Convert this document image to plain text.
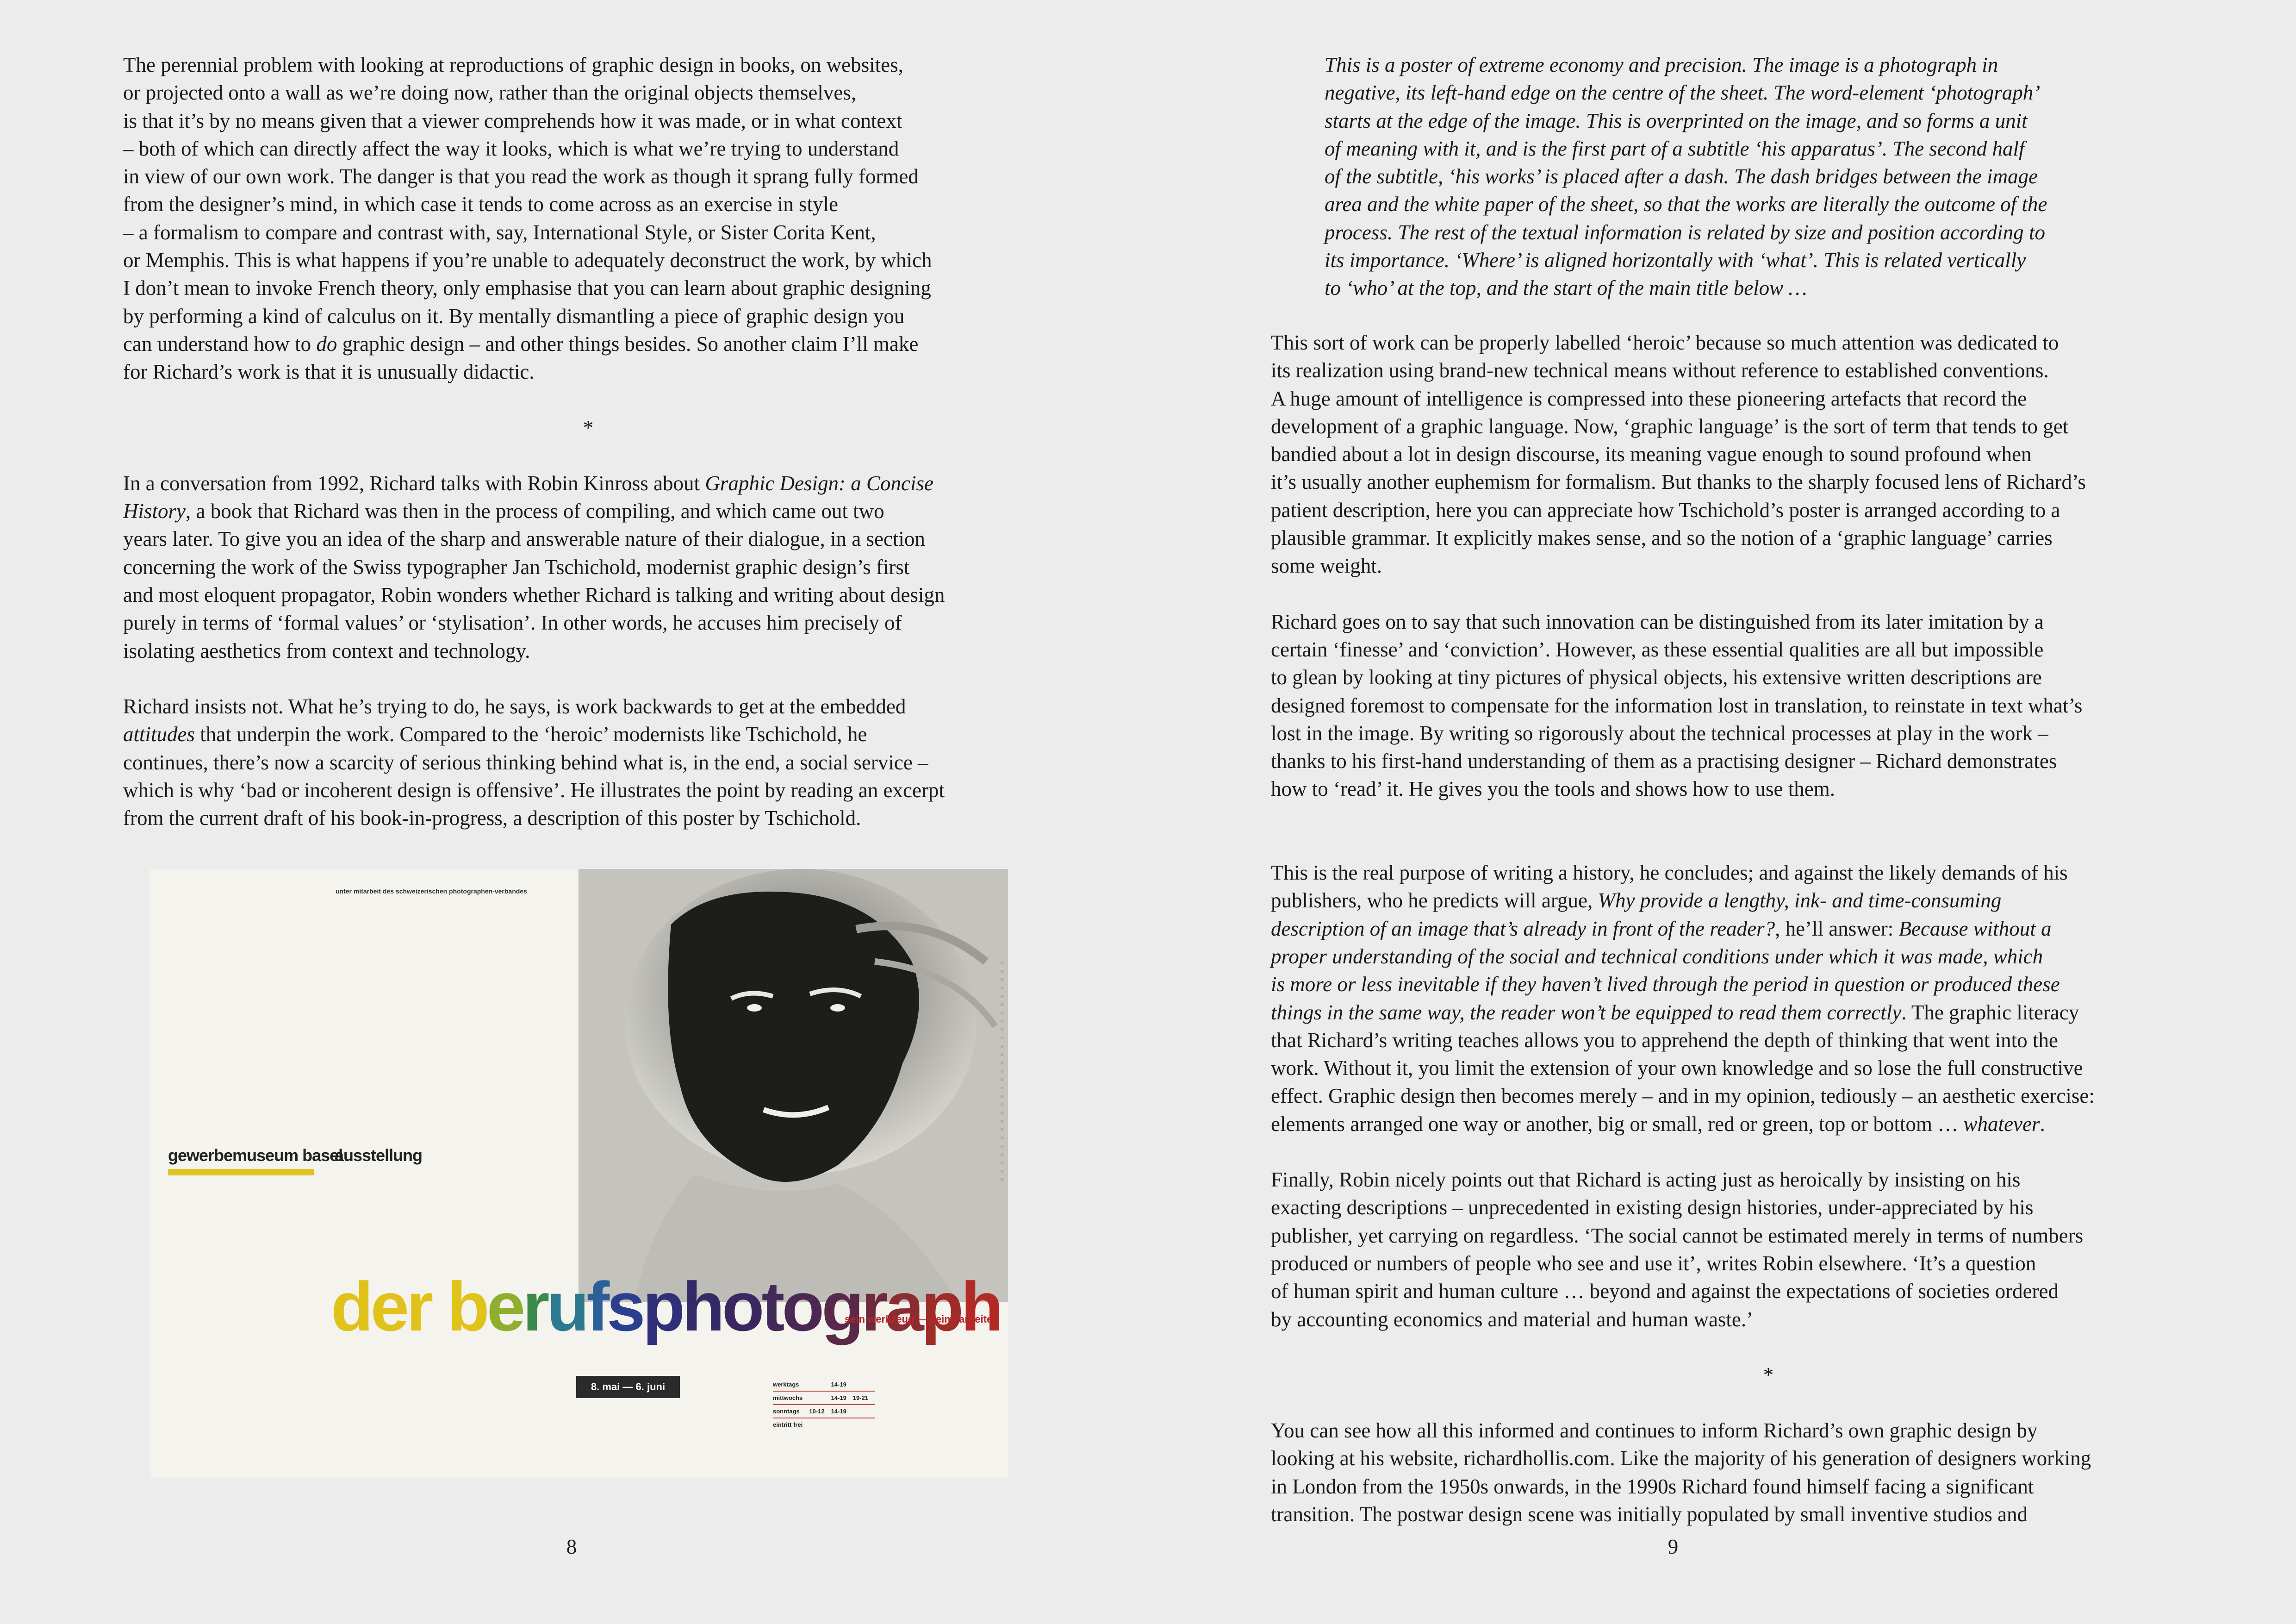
The perennial problem with looking at reproductions of graphic design in books, on websites,
or projected onto a wall as we’re doing now, rather than the original objects themselves,
is that it’s by no means given that a viewer comprehends how it was made, or in what context
– both of which can directly affect the way it looks, which is what we’re trying to understand
in view of our own work. The danger is that you read the work as though it sprang fully formed
from the designer’s mind, in which case it tends to come across as an exercise in style
– a formalism to compare and contrast with, say, International Style, or Sister Corita Kent,
or Memphis. This is what happens if you’re unable to adequately deconstruct the work, by which
I don’t mean to invoke French theory, only emphasise that you can learn about graphic designing
by performing a kind of calculus on it. By mentally dismantling a piece of graphic design you
can understand how to do graphic design – and other things besides. So another claim I’ll make
for Richard’s work is that it is unusually didactic.

*

In a conversation from 1992, Richard talks with Robin Kinross about Graphic Design: a Concise
History, a book that Richard was then in the process of compiling, and which came out two
years later. To give you an idea of the sharp and answerable nature of their dialogue, in a section
concerning the work of the Swiss typographer Jan Tschichold, modernist graphic design’s first
and most eloquent propagator, Robin wonders whether Richard is talking and writing about design
purely in terms of ‘formal values’ or ‘stylisation’. In other words, he accuses him precisely of
isolating aesthetics from context and technology.

Richard insists not. What he’s trying to do, he says, is work backwards to get at the embedded
attitudes that underpin the work. Compared to the ‘heroic’ modernists like Tschichold, he
continues, there’s now a scarcity of serious thinking behind what is, in the end, a social service –
which is why ‘bad or incoherent design is offensive’. He illustrates the point by reading an excerpt
from the current draft of his book-in-progress, a description of this poster by Tschichold.

unter mitarbeit des schweizerischen photographen-verbandes
gewerbemuseum basel
ausstellung
der berufsphotograph
sein werkzeug — seine arbeiten
8. mai — 6. juni	werktags		14-19	
mittwochs		14-19	19-21
sonntags	10-12	14-19	
eintritt frei			
8
This is a poster of extreme economy and precision. The image is a photograph in
negative, its left-hand edge on the centre of the sheet. The word-element ‘photograph’
starts at the edge of the image. This is overprinted on the image, and so forms a unit
of meaning with it, and is the first part of a subtitle ‘his apparatus’. The second half
of the subtitle, ‘his works’ is placed after a dash. The dash bridges between the image
area and the white paper of the sheet, so that the works are literally the outcome of the
process. The rest of the textual information is related by size and position according to
its importance. ‘Where’ is aligned horizontally with ‘what’. This is related vertically
to ‘who’ at the top, and the start of the main title below …

This sort of work can be properly labelled ‘heroic’ because so much attention was dedicated to
its realization using brand-new technical means without reference to established conventions.
A huge amount of intelligence is compressed into these pioneering artefacts that record the
development of a graphic language. Now, ‘graphic language’ is the sort of term that tends to get
bandied about a lot in design discourse, its meaning vague enough to sound profound when
it’s usually another euphemism for formalism. But thanks to the sharply focused lens of Richard’s
patient description, here you can appreciate how Tschichold’s poster is arranged according to a
plausible grammar. It explicitly makes sense, and so the notion of a ‘graphic language’ carries
some weight.

Richard goes on to say that such innovation can be distinguished from its later imitation by a
certain ‘finesse’ and ‘conviction’. However, as these essential qualities are all but impossible
to glean by looking at tiny pictures of physical objects, his extensive written descriptions are
designed foremost to compensate for the information lost in translation, to reinstate in text what’s
lost in the image. By writing so rigorously about the technical processes at play in the work –
thanks to his first-hand understanding of them as a practising designer – Richard demonstrates
how to ‘read’ it. He gives you the tools and shows how to use them.

This is the real purpose of writing a history, he concludes; and against the likely demands of his
publishers, who he predicts will argue, Why provide a lengthy, ink- and time-consuming
description of an image that’s already in front of the reader?, he’ll answer: Because without a
proper understanding of the social and technical conditions under which it was made, which
is more or less inevitable if they haven’t lived through the period in question or produced these
things in the same way, the reader won’t be equipped to read them correctly. The graphic literacy
that Richard’s writing teaches allows you to apprehend the depth of thinking that went into the
work. Without it, you limit the extension of your own knowledge and so lose the full constructive
effect. Graphic design then becomes merely – and in my opinion, tediously – an aesthetic exercise:
elements arranged one way or another, big or small, red or green, top or bottom … whatever.

Finally, Robin nicely points out that Richard is acting just as heroically by insisting on his
exacting descriptions – unprecedented in existing design histories, under-appreciated by his
publisher, yet carrying on regardless. ‘The social cannot be estimated merely in terms of numbers
produced or numbers of people who see and use it’, writes Robin elsewhere. ‘It’s a question
of human spirit and human culture … beyond and against the expectations of societies ordered
by accounting economics and material and human waste.’

*

You can see how all this informed and continues to inform Richard’s own graphic design by
looking at his website, richardhollis.com. Like the majority of his generation of designers working
in London from the 1950s onwards, in the 1990s Richard found himself facing a significant
transition. The postwar design scene was initially populated by small inventive studios and

9
